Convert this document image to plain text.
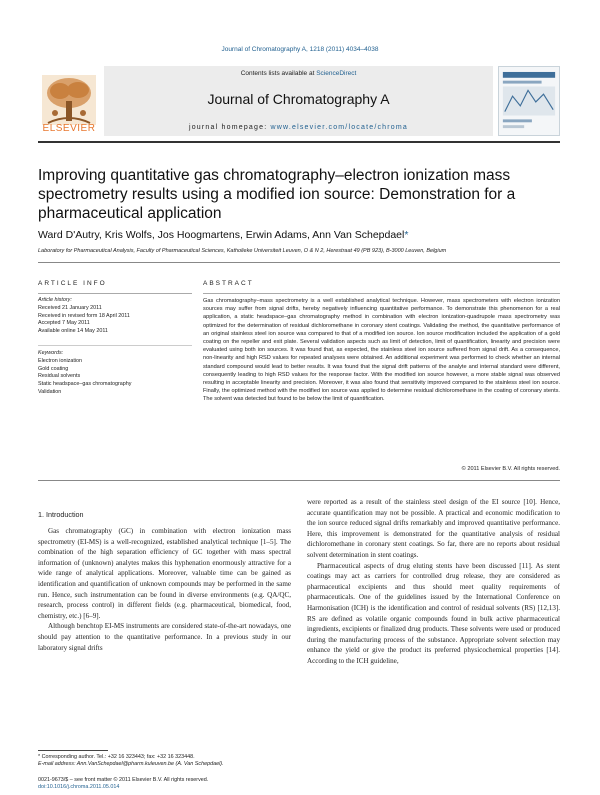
Journal of Chromatography A, 1218 (2011) 4034–4038
ELSEVIER
Contents lists available at ScienceDirect
Journal of Chromatography A
journal homepage: www.elsevier.com/locate/chroma
Improving quantitative gas chromatography–electron ionization mass spectrometry results using a modified ion source: Demonstration for a pharmaceutical application
Ward D'Autry, Kris Wolfs, Jos Hoogmartens, Erwin Adams, Ann Van Schepdael*
Laboratory for Pharmaceutical Analysis, Faculty of Pharmaceutical Sciences, Katholieke Universiteit Leuven, O & N 2, Herestraat 49 (PB 923), B-3000 Leuven, Belgium
ARTICLE INFO	ABSTRACT
Article history:
Received 21 January 2011
Received in revised form 18 April 2011
Accepted 7 May 2011
Available online 14 May 2011
Keywords:
Electron ionization
Gold coating
Residual solvents
Static headspace–gas chromatography
Validation
Gas chromatography–mass spectrometry is a well established analytical technique. However, mass spectrometers with electron ionization sources may suffer from signal drifts, hereby negatively influencing quantitative performance. To demonstrate this phenomenon for a real application, a static headspace–gas chromatography method in combination with electron ionization-quadrupole mass spectrometry was optimized for the determination of residual dichloromethane in coronary stent coatings. Validating the method, the quantitative performance of an original stainless steel ion source was compared to that of a modified ion source. Ion source modification included the application of a gold coating on the repeller and exit plate. Several validation aspects such as limit of detection, limit of quantification, linearity and precision were evaluated using both ion sources. It was found that, as expected, the stainless steel ion source suffered from signal drift. As a consequence, non-linearity and high RSD values for repeated analyses were obtained. An additional experiment was performed to check whether an internal standard compound would lead to better results. It was found that the signal drift patterns of the analyte and internal standard were different, consequently leading to high RSD values for the response factor. With the modified ion source however, a more stable signal was observed resulting in acceptable linearity and precision. Moreover, it was also found that sensitivity improved compared to the stainless steel ion source. Finally, the optimized method with the modified ion source was applied to determine residual dichloromethane in the coating of coronary stents. The solvent was detected but found to be below the limit of quantification.
© 2011 Elsevier B.V. All rights reserved.
1. Introduction

Gas chromatography (GC) in combination with electron ionization mass spectrometry (EI-MS) is a well-recognized, established analytical technique [1–5]. The combination of the high separation efficiency of GC together with mass spectral information of (unknown) analytes makes this hyphenation enormously attractive for a wide range of analytical applications. Moreover, valuable time can be gained as identification and quantification of unknown compounds may be performed in the same run. Hence, such instrumentation can be found in diverse environments (e.g. QA/QC, research, process control) in different fields (e.g. pharmaceutical, biomedical, food, chemistry, etc.) [6–9].

Although benchtop EI-MS instruments are considered state-of-the-art nowadays, one should pay attention to the quantitative performance. In a previous study in our laboratory signal drifts

were reported as a result of the stainless steel design of the EI source [10]. Hence, accurate quantification may not be possible. A practical and economic modification to the ion source reduced signal drifts remarkably and improved quantitative performance. Here, this improvement is demonstrated for the quantitative analysis of residual dichloromethane in coronary stent coatings. So far, there are no reports about residual solvent determination in stent coatings.

Pharmaceutical aspects of drug eluting stents have been discussed [11]. As stent coatings may act as carriers for controlled drug release, they are considered as pharmaceutical excipients and thus should meet quality requirements of pharmaceuticals. One of the guidelines issued by the International Conference on Harmonisation (ICH) is the identification and control of residual solvents (RS) [12,13]. RS are defined as volatile organic compounds found in bulk active pharmaceutical ingredients, excipients or finalized drug products. These solvents were used or produced during the manufacturing process of the substance. Appropriate solvent selection may enhance the yield or give the product its preferred physicochemical properties [14]. According to the ICH guideline,

* Corresponding author. Tel.: +32 16 323443; fax: +32 16 323448.
E-mail address: Ann.VanSchepdael@pharm.kuleuven.be (A. Van Schepdael).
0021-9673/$ – see front matter © 2011 Elsevier B.V. All rights reserved.
doi:10.1016/j.chroma.2011.05.014
